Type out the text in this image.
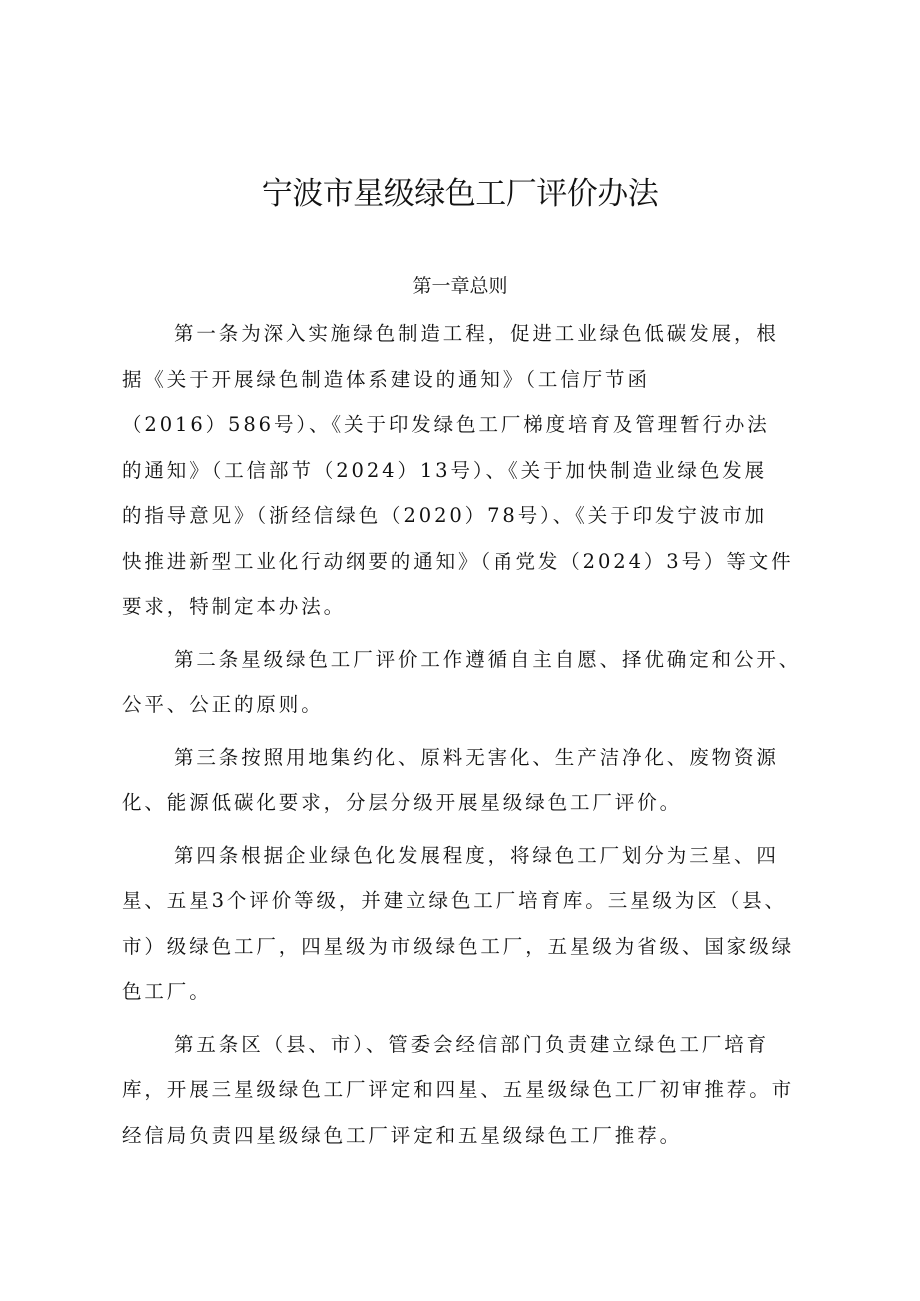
宁波市星级绿色工厂评价办法
第一章总则
第一条为深入实施绿色制造工程，促进工业绿色低碳发展，根
据《关于开展绿色制造体系建设的通知》（工信厅节函
（2016）586号）、《关于印发绿色工厂梯度培育及管理暂行办法
的通知》（工信部节（2024）13号）、《关于加快制造业绿色发展
的指导意见》（浙经信绿色（2020）78号）、《关于印发宁波市加
快推进新型工业化行动纲要的通知》（甬党发（2024）3号）等文件
要求，特制定本办法。
第二条星级绿色工厂评价工作遵循自主自愿、择优确定和公开、
公平、公正的原则。
第三条按照用地集约化、原料无害化、生产洁净化、废物资源
化、能源低碳化要求，分层分级开展星级绿色工厂评价。
第四条根据企业绿色化发展程度，将绿色工厂划分为三星、四
星、五星3个评价等级，并建立绿色工厂培育库。三星级为区（县、
市）级绿色工厂，四星级为市级绿色工厂，五星级为省级、国家级绿
色工厂。
第五条区（县、市）、管委会经信部门负责建立绿色工厂培育
库，开展三星级绿色工厂评定和四星、五星级绿色工厂初审推荐。市
经信局负责四星级绿色工厂评定和五星级绿色工厂推荐。
